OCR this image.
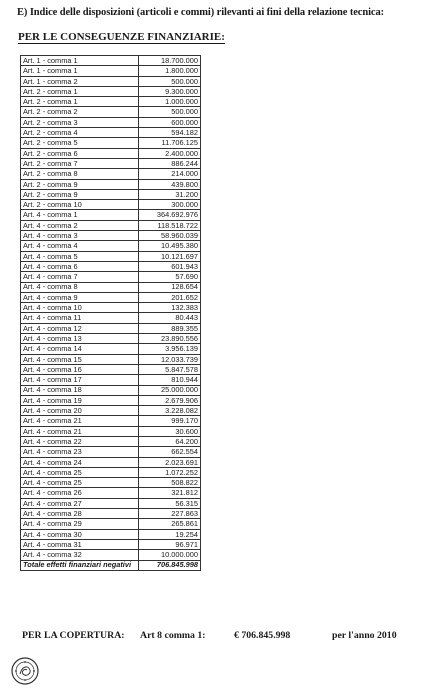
E) Indice delle disposizioni (articoli e commi) rilevanti ai fini della relazione tecnica:
PER LE CONSEGUENZE FINANZIARIE:
Art. 1 - comma 1	18.700.000
Art. 1 - comma 1	1.800.000
Art. 1 - comma 2	500.000
Art. 2 - comma 1	9.300.000
Art. 2 - comma 1	1.000.000
Art. 2 - comma 2	500.000
Art. 2 - comma 3	600.000
Art. 2 - comma 4	594.182
Art. 2 - comma 5	11.706.125
Art. 2 - comma 6	2.400.000
Art. 2 - comma 7	886.244
Art. 2 - comma 8	214.000
Art. 2 - comma 9	439.800
Art. 2 - comma 9	31.200
Art. 2 - comma 10	300.000
Art. 4 - comma 1	364.692.976
Art. 4 - comma 2	118.518.722
Art. 4 - comma 3	58.960.039
Art. 4 - comma 4	10.495.380
Art. 4 - comma 5	10.121.697
Art. 4 - comma 6	601.943
Art. 4 - comma 7	57.690
Art. 4 - comma 8	128.654
Art. 4 - comma 9	201.652
Art. 4 - comma 10	132.383
Art. 4 - comma 11	80.443
Art. 4 - comma 12	889.355
Art. 4 - comma 13	23.890.556
Art. 4 - comma 14	3.956.139
Art. 4 - comma 15	12.033.739
Art. 4 - comma 16	5.847.578
Art. 4 - comma 17	810.944
Art. 4 - comma 18	25.000.000
Art. 4 - comma 19	2.679.906
Art. 4 - comma 20	3.228.082
Art. 4 - comma 21	999.170
Art. 4 - comma 21	30.600
Art. 4 - comma 22	64.200
Art. 4 - comma 23	662.554
Art. 4 - comma 24	2.023.691
Art. 4 - comma 25	1.072.252
Art. 4 - comma 25	508.822
Art. 4 - comma 26	321.812
Art. 4 - comma 27	56.315
Art. 4 - comma 28	227.863
Art. 4 - comma 29	265.861
Art. 4 - comma 30	19.254
Art. 4 - comma 31	96.971
Art. 4 - comma 32	10.000.000
Totale effetti finanziari negativi	706.845.998
PER LA COPERTURA: Art 8 comma 1:	€ 706.845.998	per l'anno 2010
